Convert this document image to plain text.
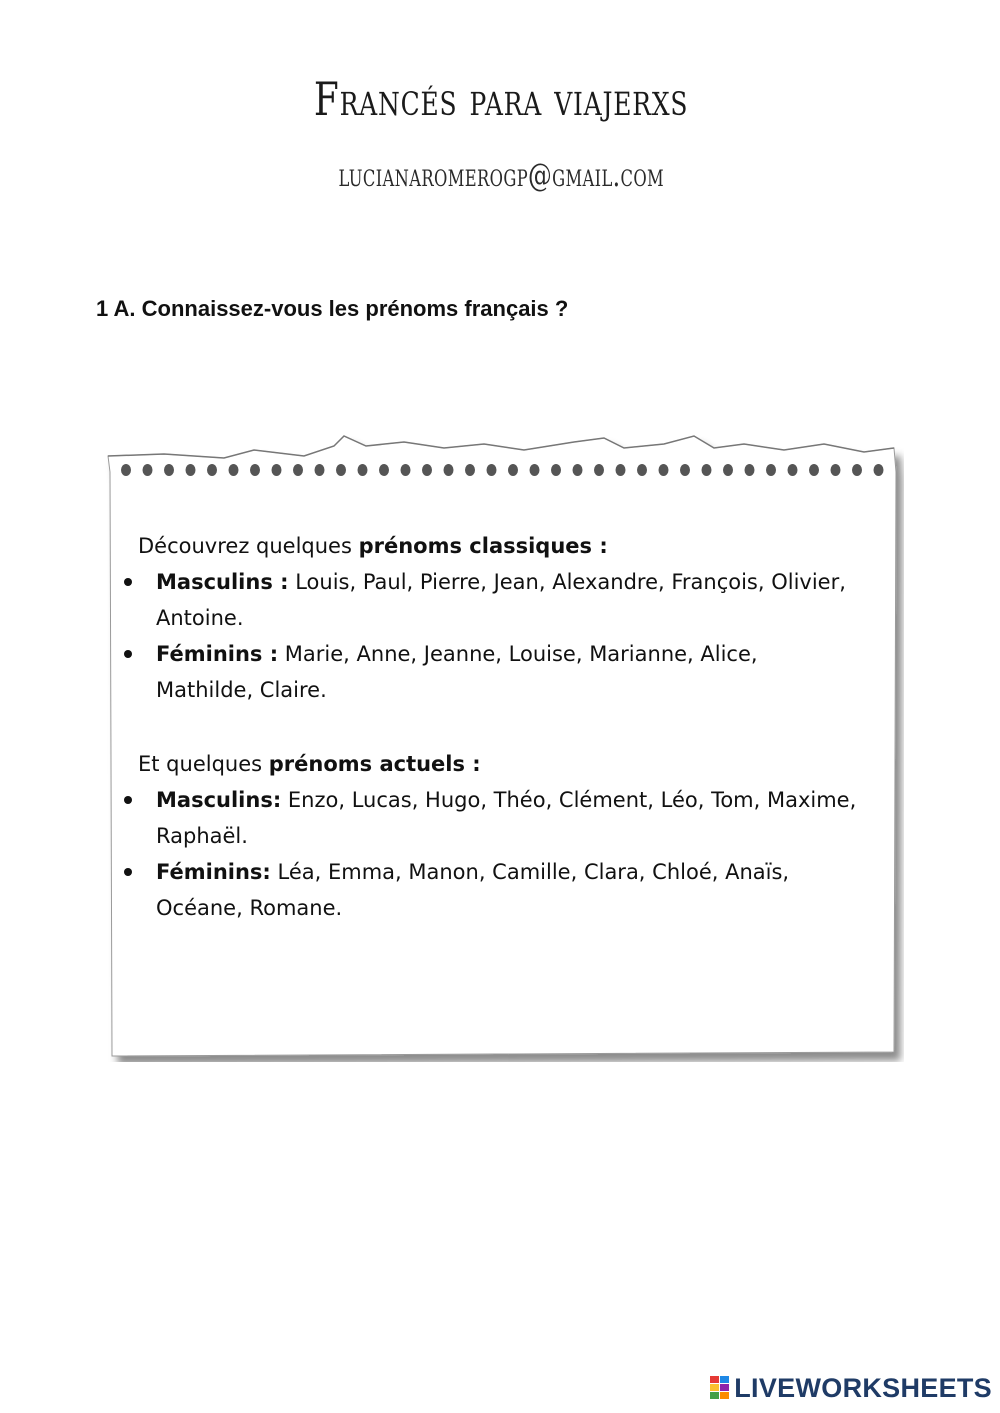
Francés para viajerxs
lucianaromerogp@gmail.com
1 A. Connaissez-vous les prénoms français ?
Découvrez quelques prénoms classiques :
Masculins : Louis, Paul, Pierre, Jean, Alexandre, François, Olivier, Antoine.
Féminins : Marie, Anne, Jeanne, Louise, Marianne, Alice, Mathilde, Claire.
Et quelques prénoms actuels :
Masculins: Enzo, Lucas, Hugo, Théo, Clément, Léo, Tom, Maxime, Raphaël.
Féminins: Léa, Emma, Manon, Camille, Clara, Chloé, Anaïs, Océane, Romane.
LIVEWORKSHEETS
